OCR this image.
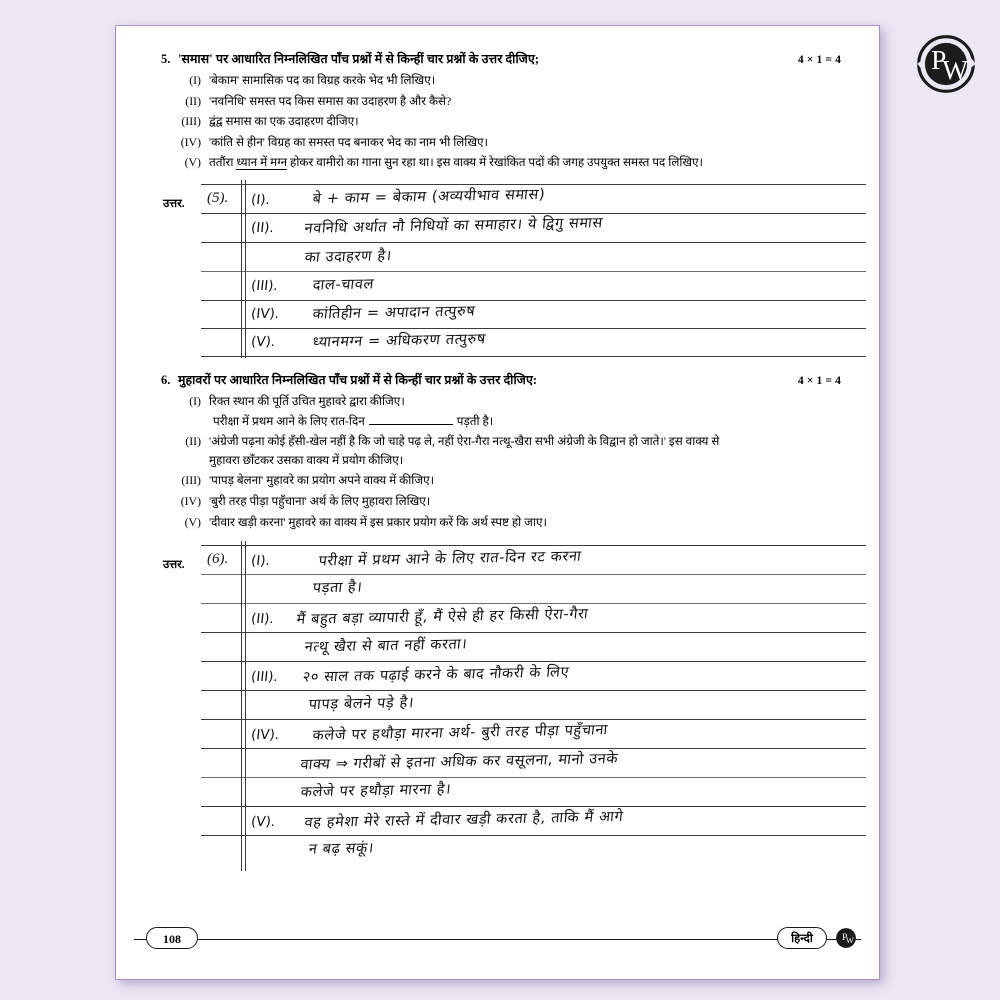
5. 'समास' पर आधारित निम्नलिखित पाँच प्रश्नों में से किन्हीं चार प्रश्नों के उत्तर दीजिए;	4 × 1 = 4
(I) 'बेकाम' सामासिक पद का विग्रह करके भेद भी लिखिए।
(II) 'नवनिधि' समस्त पद किस समास का उदाहरण है और कैसे?
(III) द्वंद्व समास का एक उदाहरण दीजिए।
(IV) 'कांति से हीन' विग्रह का समस्त पद बनाकर भेद का नाम भी लिखिए।
(V) ततौंरा ध्यान में मग्न होकर वामीरो का गाना सुन रहा था। इस वाक्य में रेखांकित पदों की जगह उपयुक्त समस्त पद लिखिए।
उत्तर. (5). (I).	बे + काम = बेकाम (अव्ययीभाव समास)
(II). नवनिधि अर्थात नौ निधियों का समाहार। ये द्विगु समास
का उदाहरण है।
(III). दाल-चावल
(IV). कांतिहीन = अपादान तत्पुरुष
(V). ध्यानमग्न = अधिकरण तत्पुरुष
6. मुहावरों पर आधारित निम्नलिखित पाँच प्रश्नों में से किन्हीं चार प्रश्नों के उत्तर दीजिए:	4 × 1 = 4
(I) रिक्त स्थान की पूर्ति उचित मुहावरे द्वारा कीजिए।
परीक्षा में प्रथम आने के लिए रात-दिन	पड़ती है।
(II) 'अंग्रेजी पढ़ना कोई हँसी-खेल नहीं है कि जो चाहे पढ़ ले, नहीं ऐरा-गैरा नत्थू-खैरा सभी अंग्रेजी के विद्वान हो जाते।' इस वाक्य से
मुहावरा छाँटकर उसका वाक्य में प्रयोग कीजिए।
(III) 'पापड़ बेलना' मुहावरे का प्रयोग अपने वाक्य में कीजिए।
(IV) 'बुरी तरह पीड़ा पहुँचाना' अर्थ के लिए मुहावरा लिखिए।
(V) 'दीवार खड़ी करना' मुहावरे का वाक्य में इस प्रकार प्रयोग करें कि अर्थ स्पष्ट हो जाए।
उत्तर. (6). (I).	परीक्षा में प्रथम आने के लिए रात-दिन रट करना
पड़ता है।
(II). मैं बहुत बड़ा व्यापारी हूँ, मैं ऐसे ही हर किसी ऐरा-गैरा
नत्थू खैरा से बात नहीं करता।
(III). २० साल तक पढ़ाई करने के बाद नौकरी के लिए
पापड़ बेलने पड़े है।
(IV). कलेजे पर हथौड़ा मारना अर्थ- बुरी तरह पीड़ा पहुँचाना
वाक्य ⇒ गरीबों से इतना अधिक कर वसूलना, मानो उनके
कलेजे पर हथौड़ा मारना है।
(V). वह हमेशा मेरे रास्ते में दीवार खड़ी करता है, ताकि मैं आगे
न बढ़ सकूं।
108	हिन्दी	P
W
P
W
